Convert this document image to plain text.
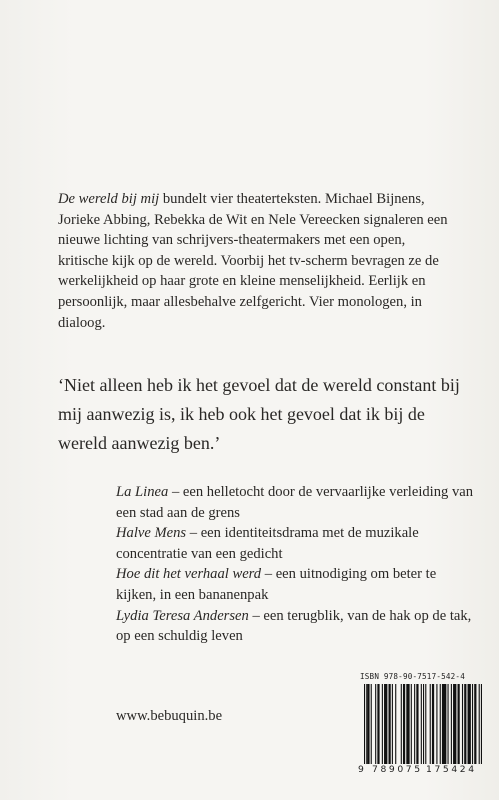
De wereld bij mij bundelt vier theaterteksten. Michael Bijnens, Jorieke Abbing, Rebekka de Wit en Nele Vereecken signaleren een nieuwe lichting van schrijvers-theatermakers met een open, kritische kijk op de wereld. Voorbij het tv-scherm bevragen ze de werkelijkheid op haar grote en kleine menselijkheid. Eerlijk en persoonlijk, maar allesbehalve zelfgericht. Vier monologen, in dialoog.

‘Niet alleen heb ik het gevoel dat de wereld constant bij mij aanwezig is, ik heb ook het gevoel dat ik bij de wereld aanwezig ben.’

La Linea – een helletocht door de vervaarlijke verleiding van een stad aan de grens

Halve Mens – een identiteitsdrama met de muzikale concentratie van een gedicht

Hoe dit het verhaal werd – een uitnodiging om beter te kijken, in een bananenpak

Lydia Teresa Andersen – een terugblik, van de hak op de tak, op een schuldig leven

www.bebuquin.be
ISBN 978-90-7517-542-4
9 789075 175424
